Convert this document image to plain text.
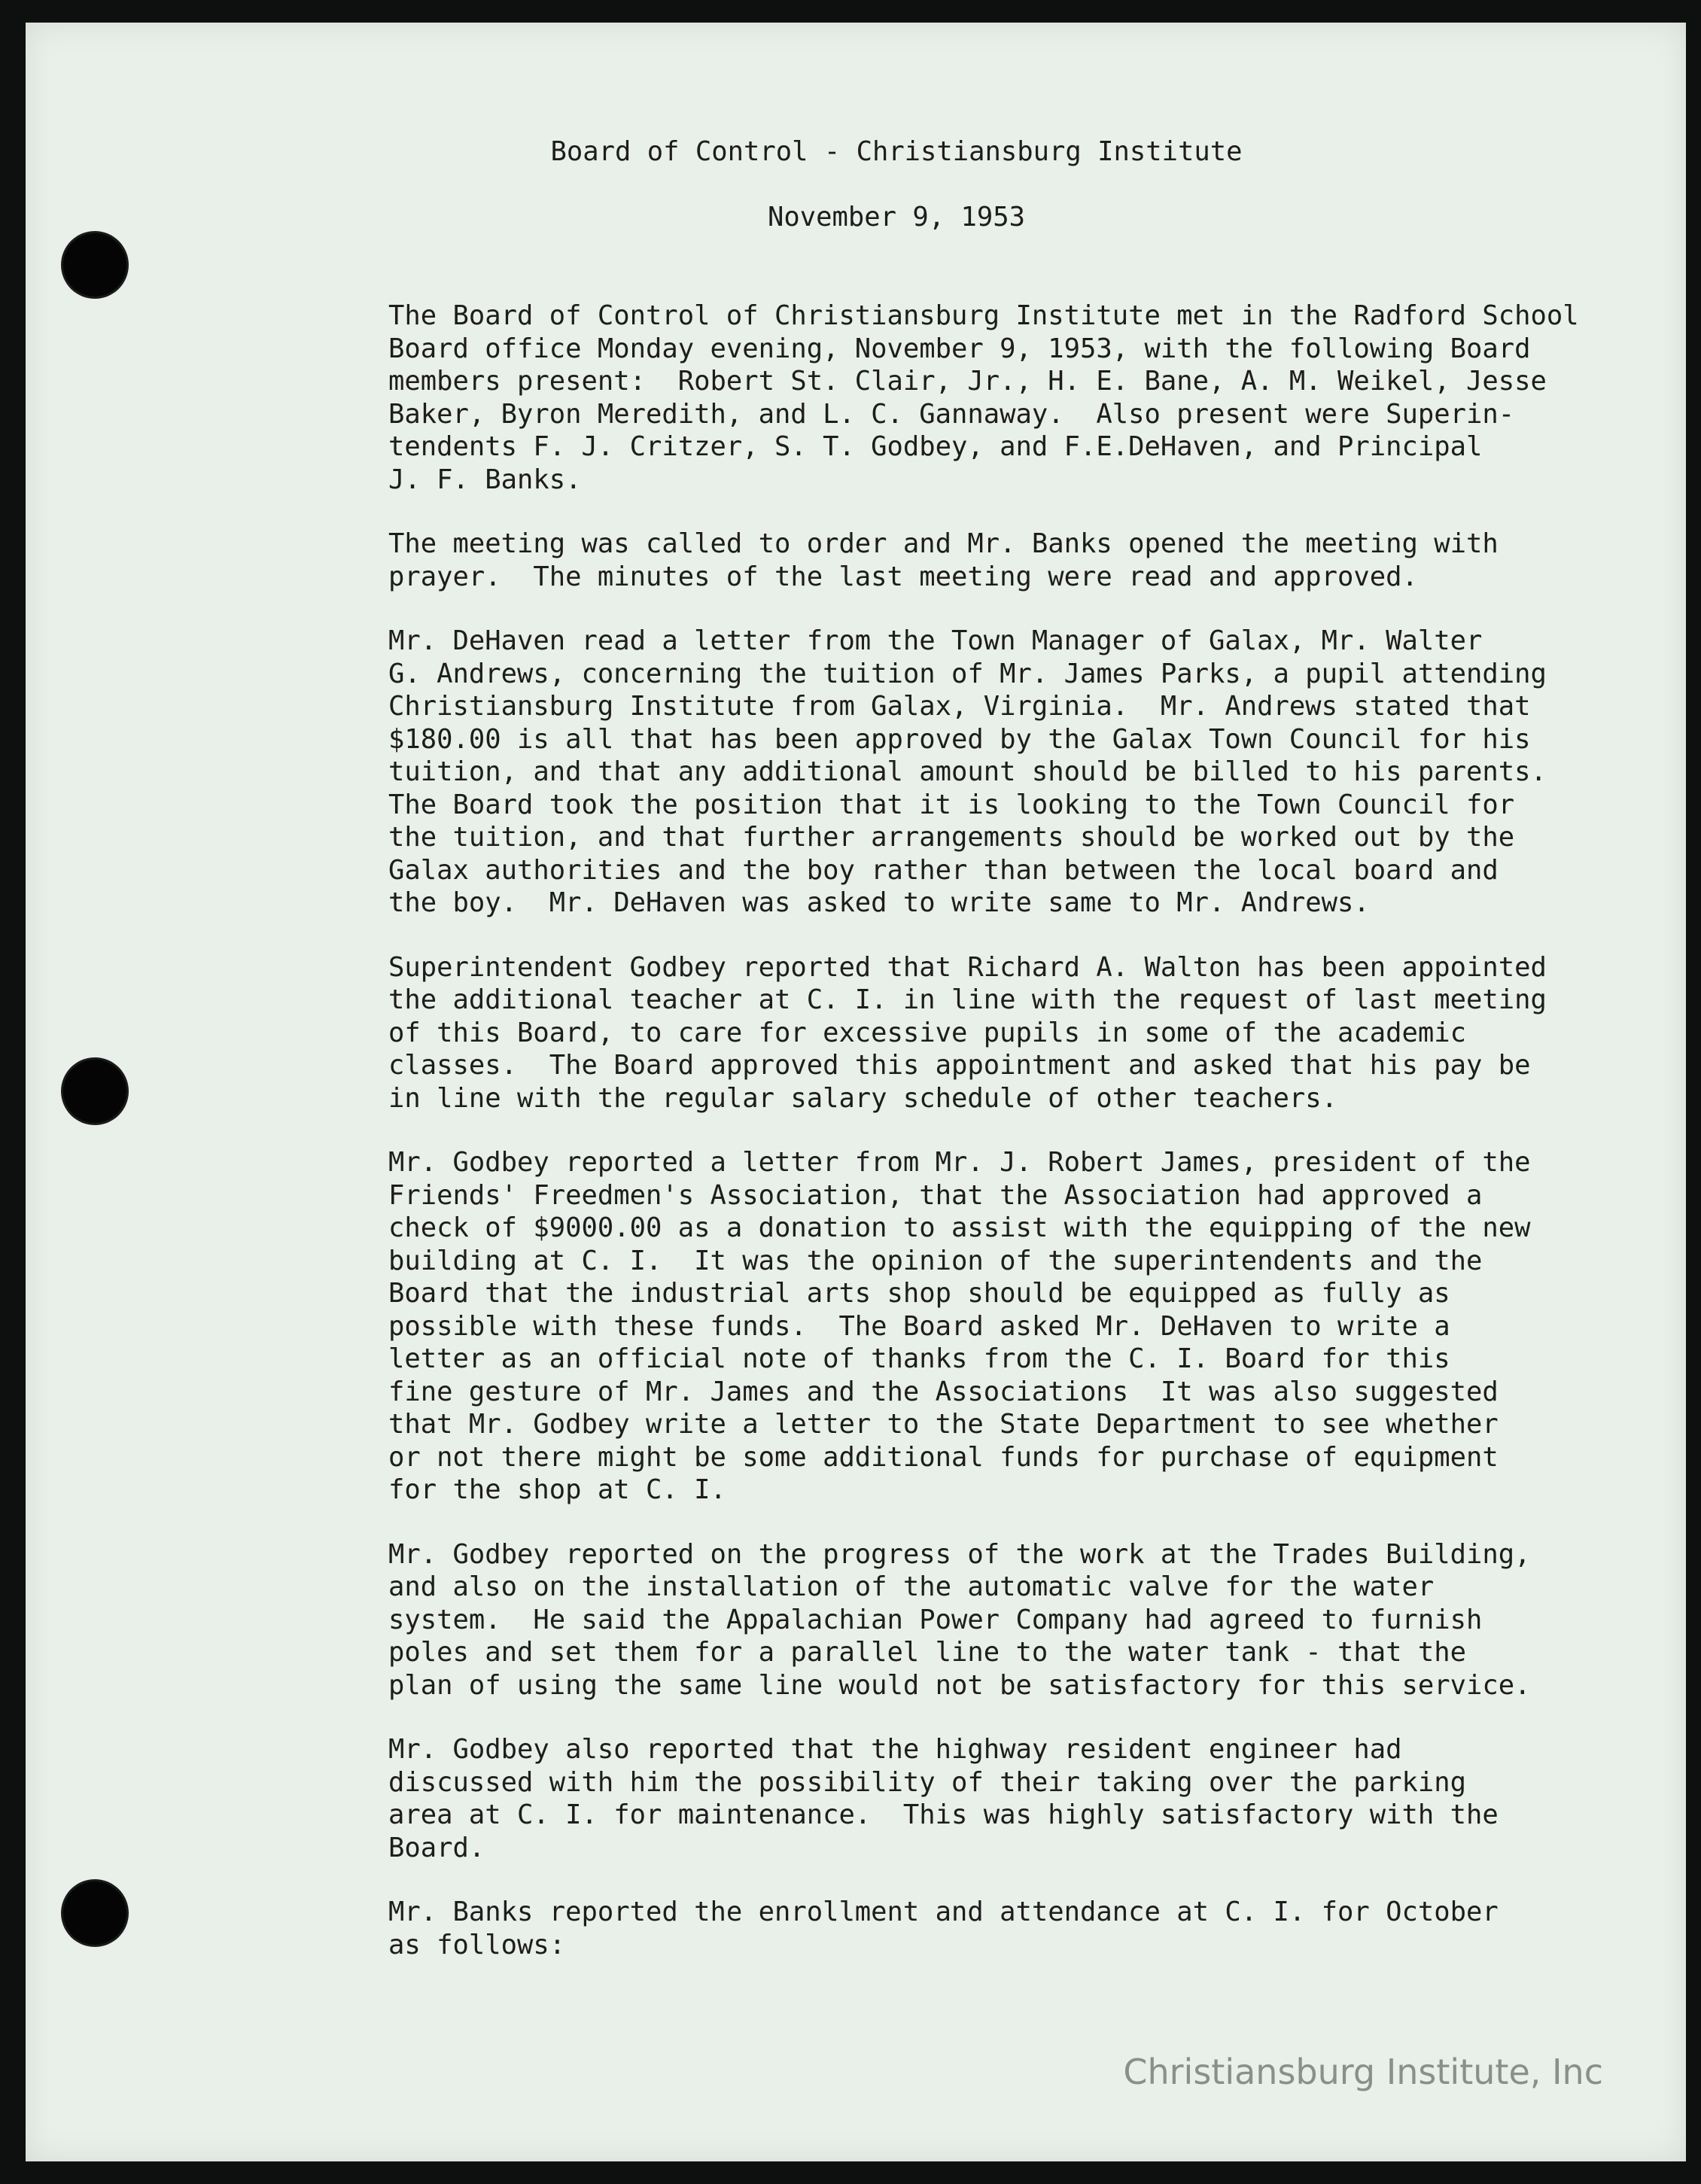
Board of Control - Christiansburg Institute

November 9, 1953

The Board of Control of Christiansburg Institute met in the Radford School
Board office Monday evening, November 9, 1953, with the following Board
members present:  Robert St. Clair, Jr., H. E. Bane, A. M. Weikel, Jesse
Baker, Byron Meredith, and L. C. Gannaway.  Also present were Superin-
tendents F. J. Critzer, S. T. Godbey, and F.E.DeHaven, and Principal
J. F. Banks.

The meeting was called to order and Mr. Banks opened the meeting with
prayer.  The minutes of the last meeting were read and approved.

Mr. DeHaven read a letter from the Town Manager of Galax, Mr. Walter
G. Andrews, concerning the tuition of Mr. James Parks, a pupil attending
Christiansburg Institute from Galax, Virginia.  Mr. Andrews stated that
$180.00 is all that has been approved by the Galax Town Council for his
tuition, and that any additional amount should be billed to his parents.
The Board took the position that it is looking to the Town Council for
the tuition, and that further arrangements should be worked out by the
Galax authorities and the boy rather than between the local board and
the boy.  Mr. DeHaven was asked to write same to Mr. Andrews.

Superintendent Godbey reported that Richard A. Walton has been appointed
the additional teacher at C. I. in line with the request of last meeting
of this Board, to care for excessive pupils in some of the academic
classes.  The Board approved this appointment and asked that his pay be
in line with the regular salary schedule of other teachers.

Mr. Godbey reported a letter from Mr. J. Robert James, president of the
Friends' Freedmen's Association, that the Association had approved a
check of $9000.00 as a donation to assist with the equipping of the new
building at C. I.  It was the opinion of the superintendents and the
Board that the industrial arts shop should be equipped as fully as
possible with these funds.  The Board asked Mr. DeHaven to write a
letter as an official note of thanks from the C. I. Board for this
fine gesture of Mr. James and the Associations  It was also suggested
that Mr. Godbey write a letter to the State Department to see whether
or not there might be some additional funds for purchase of equipment
for the shop at C. I.

Mr. Godbey reported on the progress of the work at the Trades Building,
and also on the installation of the automatic valve for the water
system.  He said the Appalachian Power Company had agreed to furnish
poles and set them for a parallel line to the water tank - that the
plan of using the same line would not be satisfactory for this service.

Mr. Godbey also reported that the highway resident engineer had
discussed with him the possibility of their taking over the parking
area at C. I. for maintenance.  This was highly satisfactory with the
Board.

Mr. Banks reported the enrollment and attendance at C. I. for October
as follows:

Christiansburg Institute, Inc
